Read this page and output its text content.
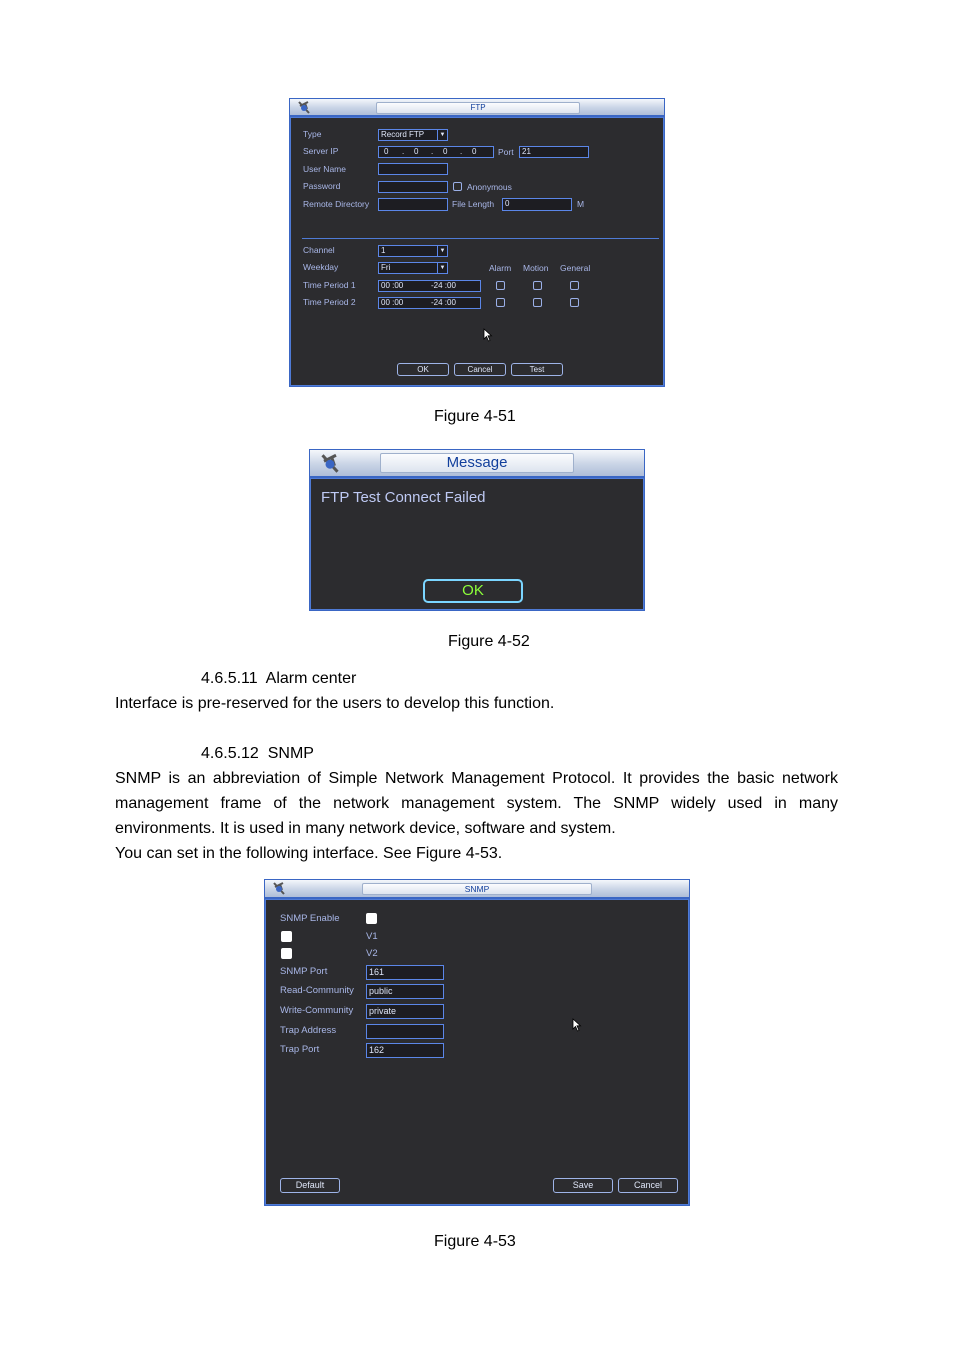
FTP
Type	Record FTP	▼
Server IP	0 . 0 . 0 . 0	Port	21
User Name
Password	Anonymous
Remote Directory	File Length	0	M
Channel	1	▼
Weekday	Fri	▼	Alarm Motion General
Time Period 1	00 :00	-24 :00
Time Period 2	00 :00	-24 :00
OK	Cancel	Test
Figure 4-51
Message
FTP Test Connect Failed
OK
Figure 4-52
4.6.5.11  Alarm center
Interface is pre-reserved for the users to develop this function.
4.6.5.12  SNMP
SNMP is an abbreviation of Simple Network Management Protocol. It provides the basic network
management frame of the network management system. The SNMP widely used in many
environments. It is used in many network device, software and system.
You can set in the following interface. See Figure 4-53.
SNMP
SNMP Enable
V1
V2
SNMP Port	161
Read-Community	public
Write-Community	private
Trap Address
Trap Port	162
Default	Save	Cancel
Figure 4-53
